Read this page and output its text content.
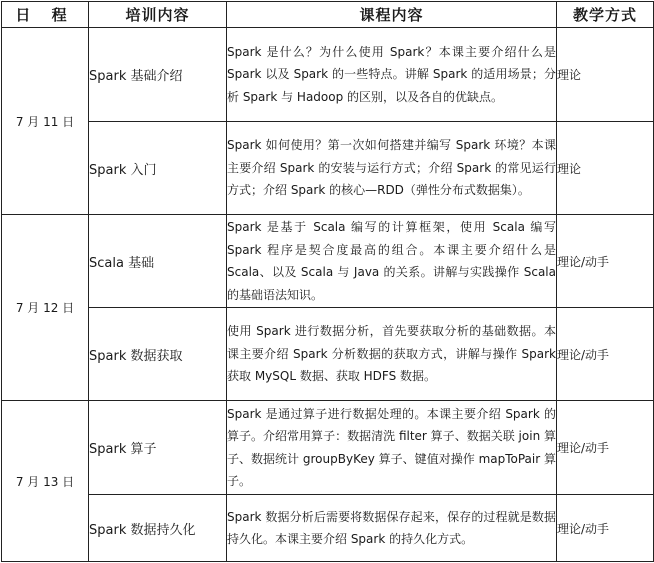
日 程	培训内容	课程内容	教学方式
7 月 11 日	Spark 基础介绍	Spark 是什么？为什么使用 Spark？本课主要介绍什么是 Spark 以及 Spark 的一些特点。讲解 Spark 的适用场景；分析 Spark 与 Hadoop 的区别，以及各自的优缺点。	理论
	Spark 入门	Spark 如何使用？第一次如何搭建并编写 Spark 环境？本课主要介绍 Spark 的安装与运行方式；介绍 Spark 的常见运行方式；介绍 Spark 的核心—RDD（弹性分布式数据集）。	理论
7 月 12 日	Scala 基础	Spark 是基于 Scala 编写的计算框架，使用 Scala 编写 Spark 程序是契合度最高的组合。本课主要介绍什么是 Scala、以及 Scala 与 Java 的关系。讲解与实践操作 Scala 的基础语法知识。	理论/动手
	Spark 数据获取	使用 Spark 进行数据分析，首先要获取分析的基础数据。本课主要介绍 Spark 分析数据的获取方式，讲解与操作 Spark 获取 MySQL 数据、获取 HDFS 数据。	理论/动手
7 月 13 日	Spark 算子	Spark 是通过算子进行数据处理的。本课主要介绍 Spark 的算子。介绍常用算子：数据清洗 filter 算子、数据关联 join 算子、数据统计 groupByKey 算子、键值对操作 mapToPair 算子。	理论/动手
	Spark 数据持久化	Spark 数据分析后需要将数据保存起来，保存的过程就是数据持久化。本课主要介绍 Spark 的持久化方式。	理论/动手
